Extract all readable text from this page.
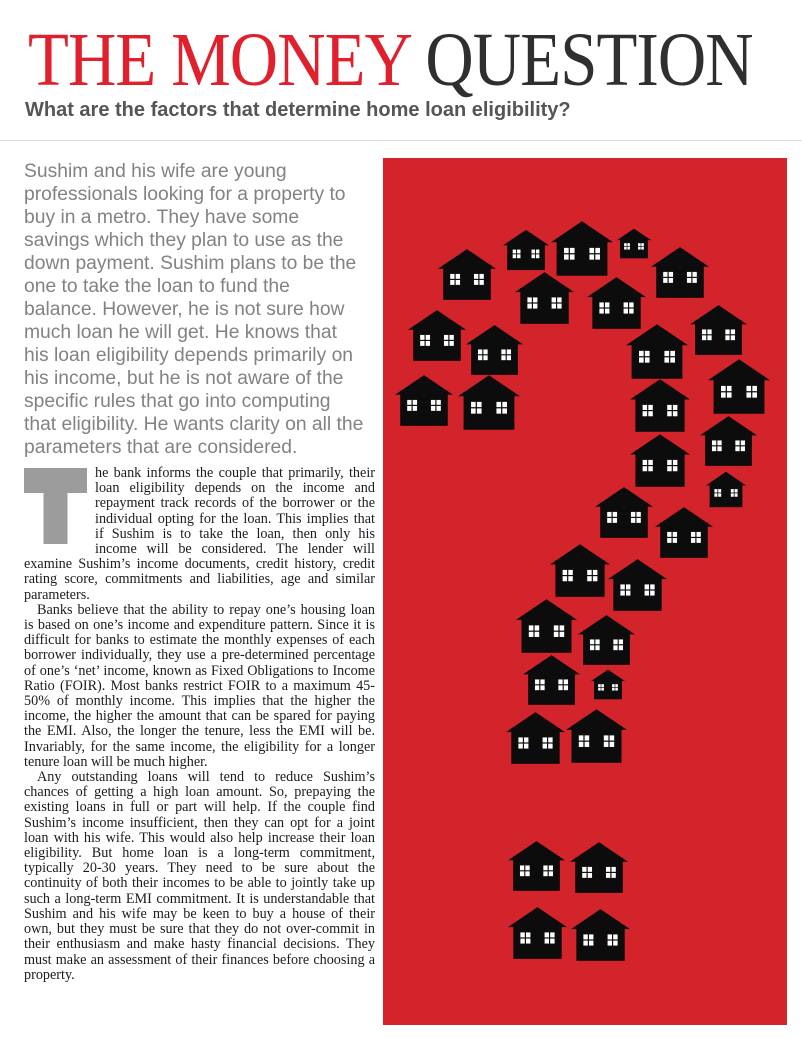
THE MONEY QUESTION
What are the factors that determine home loan eligibility?
Sushim and his wife are young professionals looking for a property to buy in a metro. They have some savings which they plan to use as the down payment. Sushim plans to be the one to take the loan to fund the balance. However, he is not sure how much loan he will get. He knows that his loan eligibility depends primarily on his income, but he is not aware of the specific rules that go into computing that eligibility. He wants clarity on all the parameters that are considered.

he bank informs the couple that primarily, their loan eligibility depends on the income and repayment track records of the borrower or the individual opting for the loan. This implies that if Sushim is to take the loan, then only his income will be considered. The lender will examine Sushim’s income documents, credit history, credit rating score, commitments and liabilities, age and similar parameters.

Banks believe that the ability to repay one’s housing loan is based on one’s income and expenditure pattern. Since it is difficult for banks to estimate the monthly expenses of each borrower individually, they use a pre-determined percentage of one’s ‘net’ income, known as Fixed Obligations to Income Ratio (FOIR). Most banks restrict FOIR to a maximum 45-50% of monthly income. This implies that the higher the income, the higher the amount that can be spared for paying the EMI. Also, the longer the tenure, less the EMI will be. Invariably, for the same income, the eligibility for a longer tenure loan will be much higher.

Any outstanding loans will tend to reduce Sushim’s chances of getting a high loan amount. So, prepaying the existing loans in full or part will help. If the couple find Sushim’s income insufficient, then they can opt for a joint loan with his wife. This would also help increase their loan eligibility. But home loan is a long-term commitment, typically 20-30 years. They need to be sure about the continuity of both their incomes to be able to jointly take up such a long-term EMI commitment. It is understandable that Sushim and his wife may be keen to buy a house of their own, but they must be sure that they do not over-commit in their enthusiasm and make hasty financial decisions. They must make an assessment of their finances before choosing a property.
